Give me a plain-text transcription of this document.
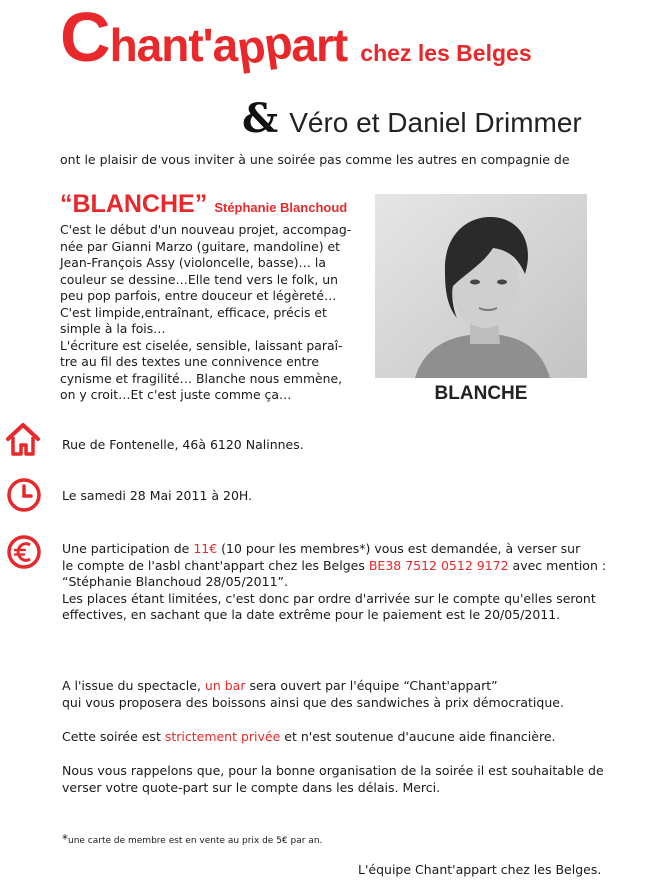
Chant'appart chez les Belges
& Véro et Daniel Drimmer
ont le plaisir de vous inviter à une soirée pas comme les autres en compagnie de
“BLANCHE” Stéphanie Blanchoud

C'est le début d'un nouveau projet, accompag-

née par Gianni Marzo (guitare, mandoline) et

Jean-François Assy (violoncelle, basse)… la

couleur se dessine…Elle tend vers le folk, un

peu pop parfois, entre douceur et légèreté…

C'est limpide,entraînant, efficace, précis et

simple à la fois…

L'écriture est ciselée, sensible, laissant paraî-

tre au fil des textes une connivence entre

cynisme et fragilité… Blanche nous emmène,

on y croit…Et c'est juste comme ça…	BLANCHE
Rue de Fontenelle, 46à 6120 Nalinnes.
Le samedi 28 Mai 2011 à 20H.

Une participation de 11€ (10 pour les membres*) vous est demandée, à verser sur

le compte de l'asbl chant'appart chez les Belges BE38 7512 0512 9172 avec mention :

“Stéphanie Blanchoud 28/05/2011”.

Les places étant limitées, c'est donc par ordre d'arrivée sur le compte qu'elles seront

effectives, en sachant que la date extrême pour le paiement est le 20/05/2011.

A l'issue du spectacle, un bar sera ouvert par l'équipe “Chant'appart”

qui vous proposera des boissons ainsi que des sandwiches à prix démocratique.

Cette soirée est strictement privée et n'est soutenue d'aucune aide financière.

Nous vous rappelons que, pour la bonne organisation de la soirée il est souhaitable de

verser votre quote-part sur le compte dans les délais. Merci.

*une carte de membre est en vente au prix de 5€ par an.
L'équipe Chant'appart chez les Belges.
